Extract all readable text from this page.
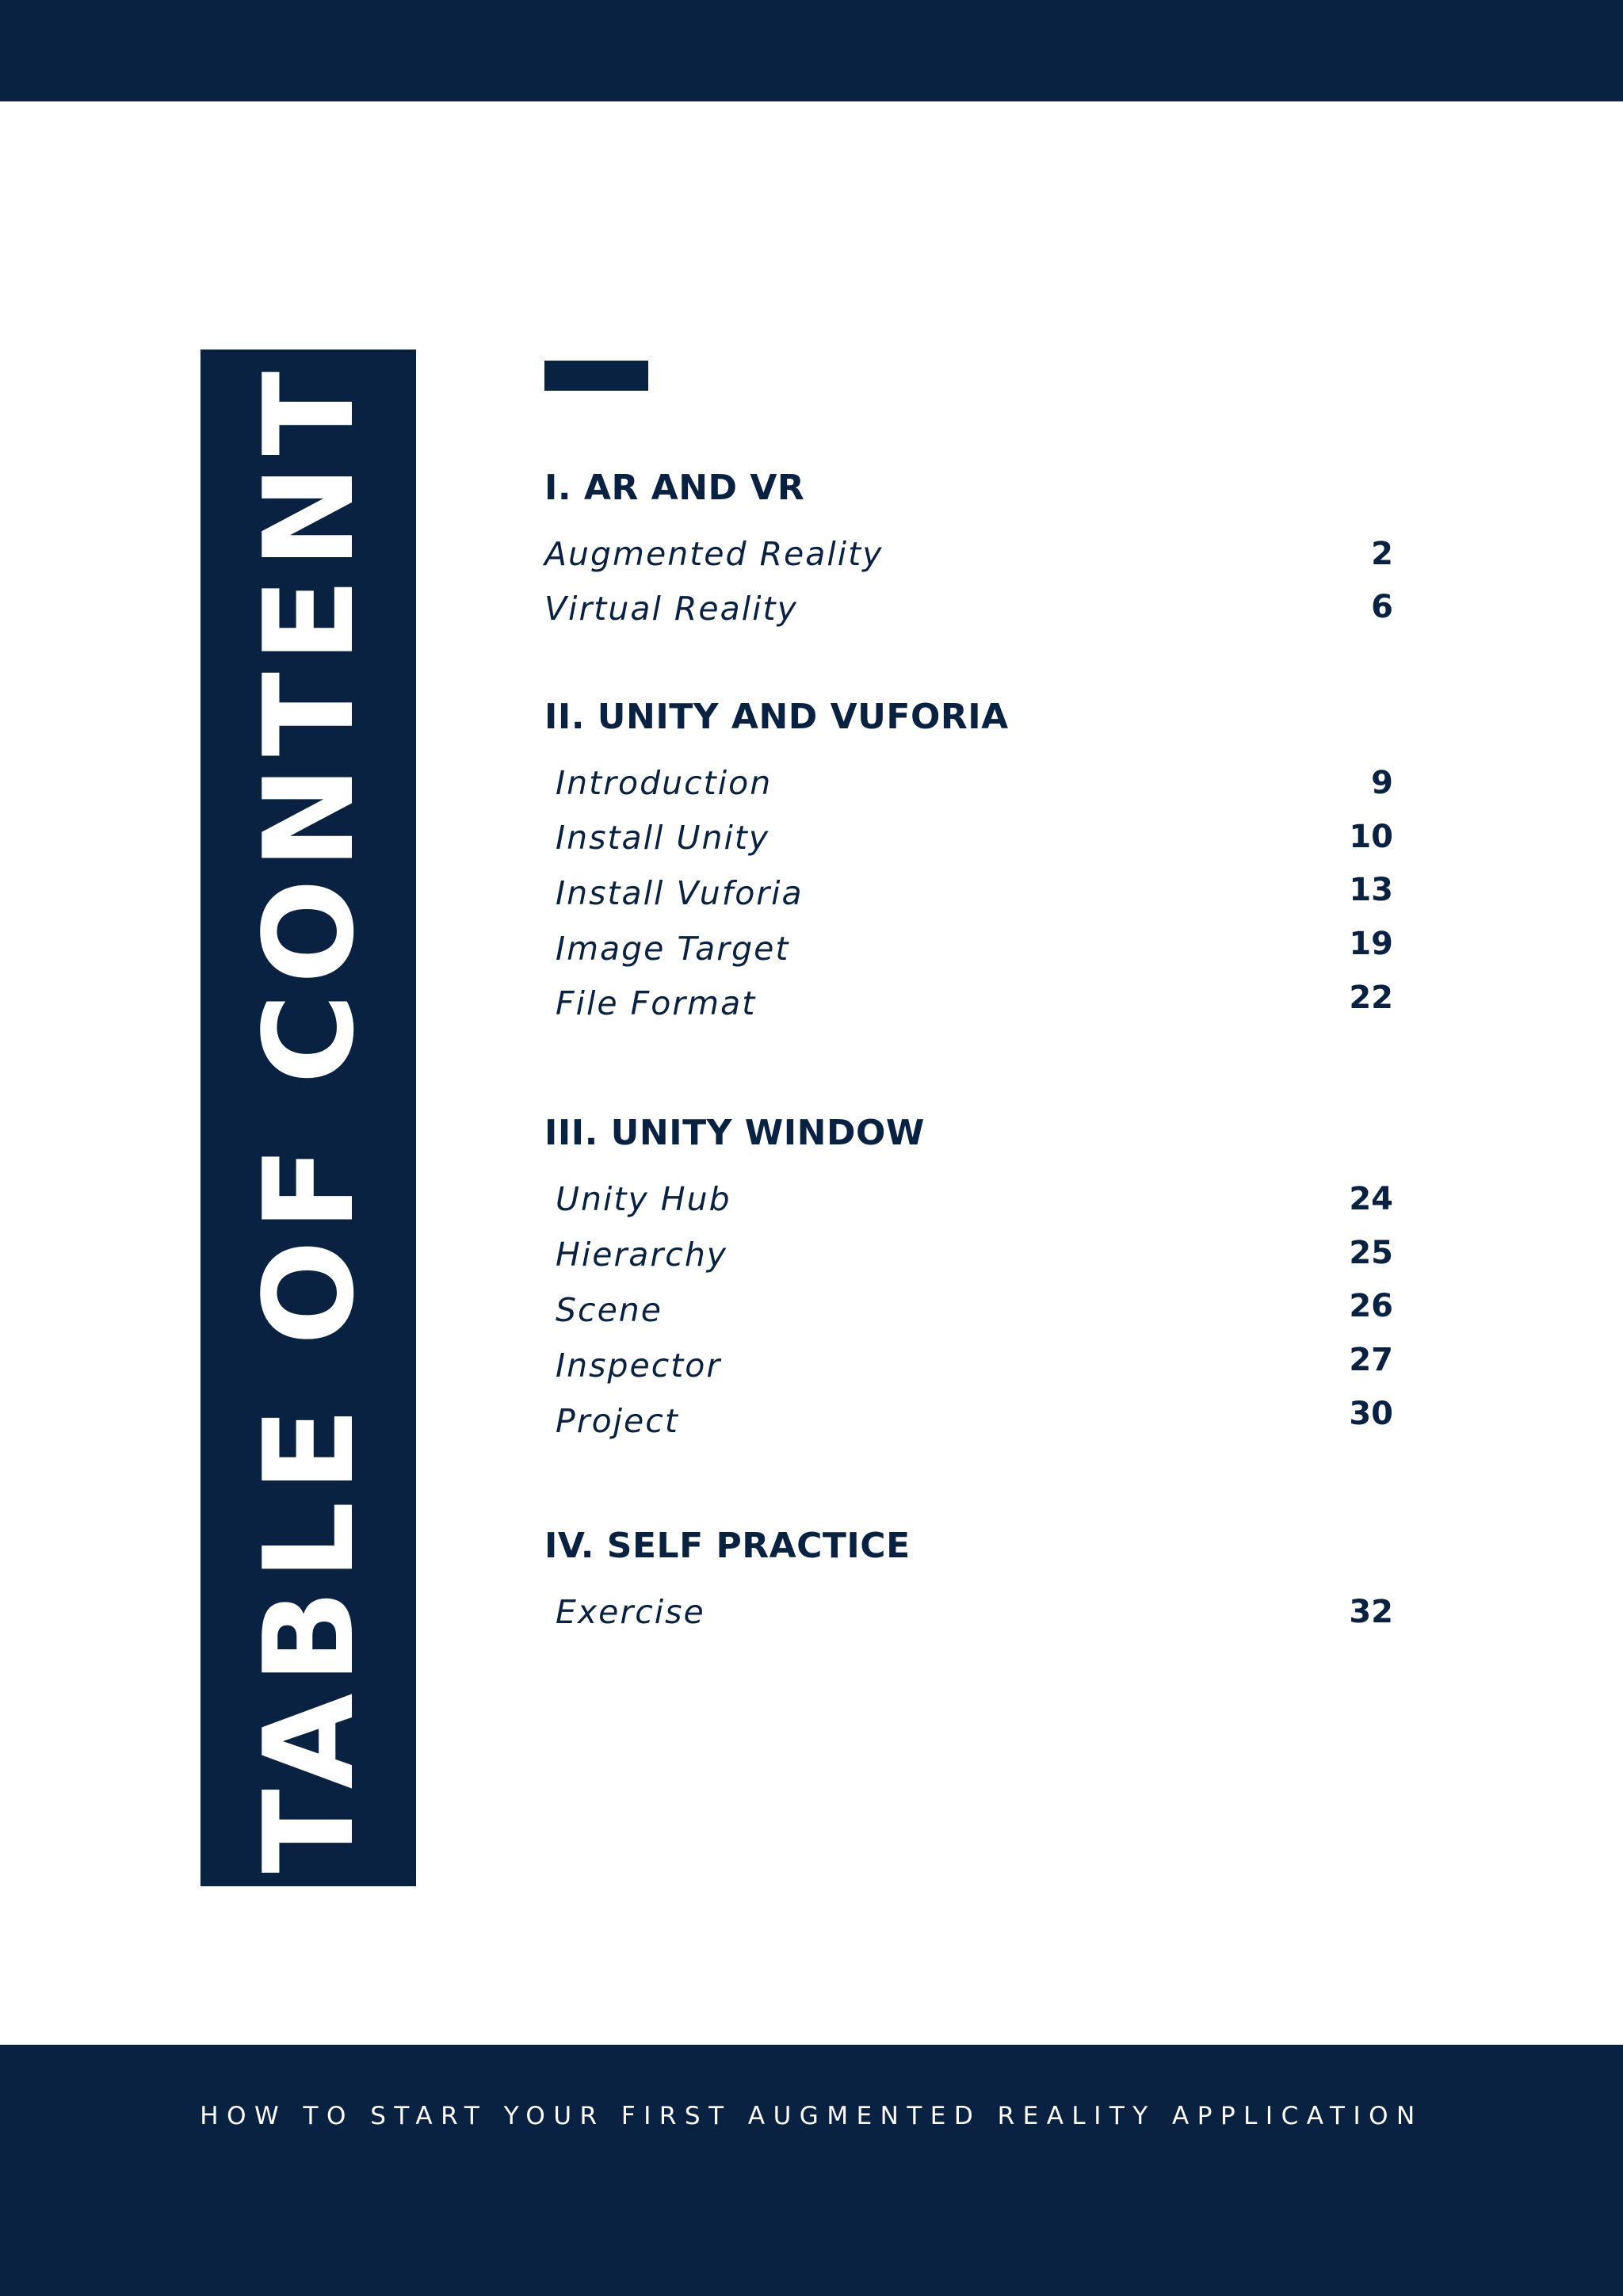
TABLE OF CONTENT	I. AR AND VR
Augmented Reality	2
Virtual Reality	6
II. UNITY AND VUFORIA
Introduction	9
Install Unity	10
Install Vuforia	13
Image Target	19
File Format	22
III. UNITY WINDOW
Unity Hub	24
Hierarchy	25
Scene	26
Inspector	27
Project	30
IV. SELF PRACTICE
Exercise	32
HOW TO START YOUR FIRST AUGMENTED REALITY APPLICATION
